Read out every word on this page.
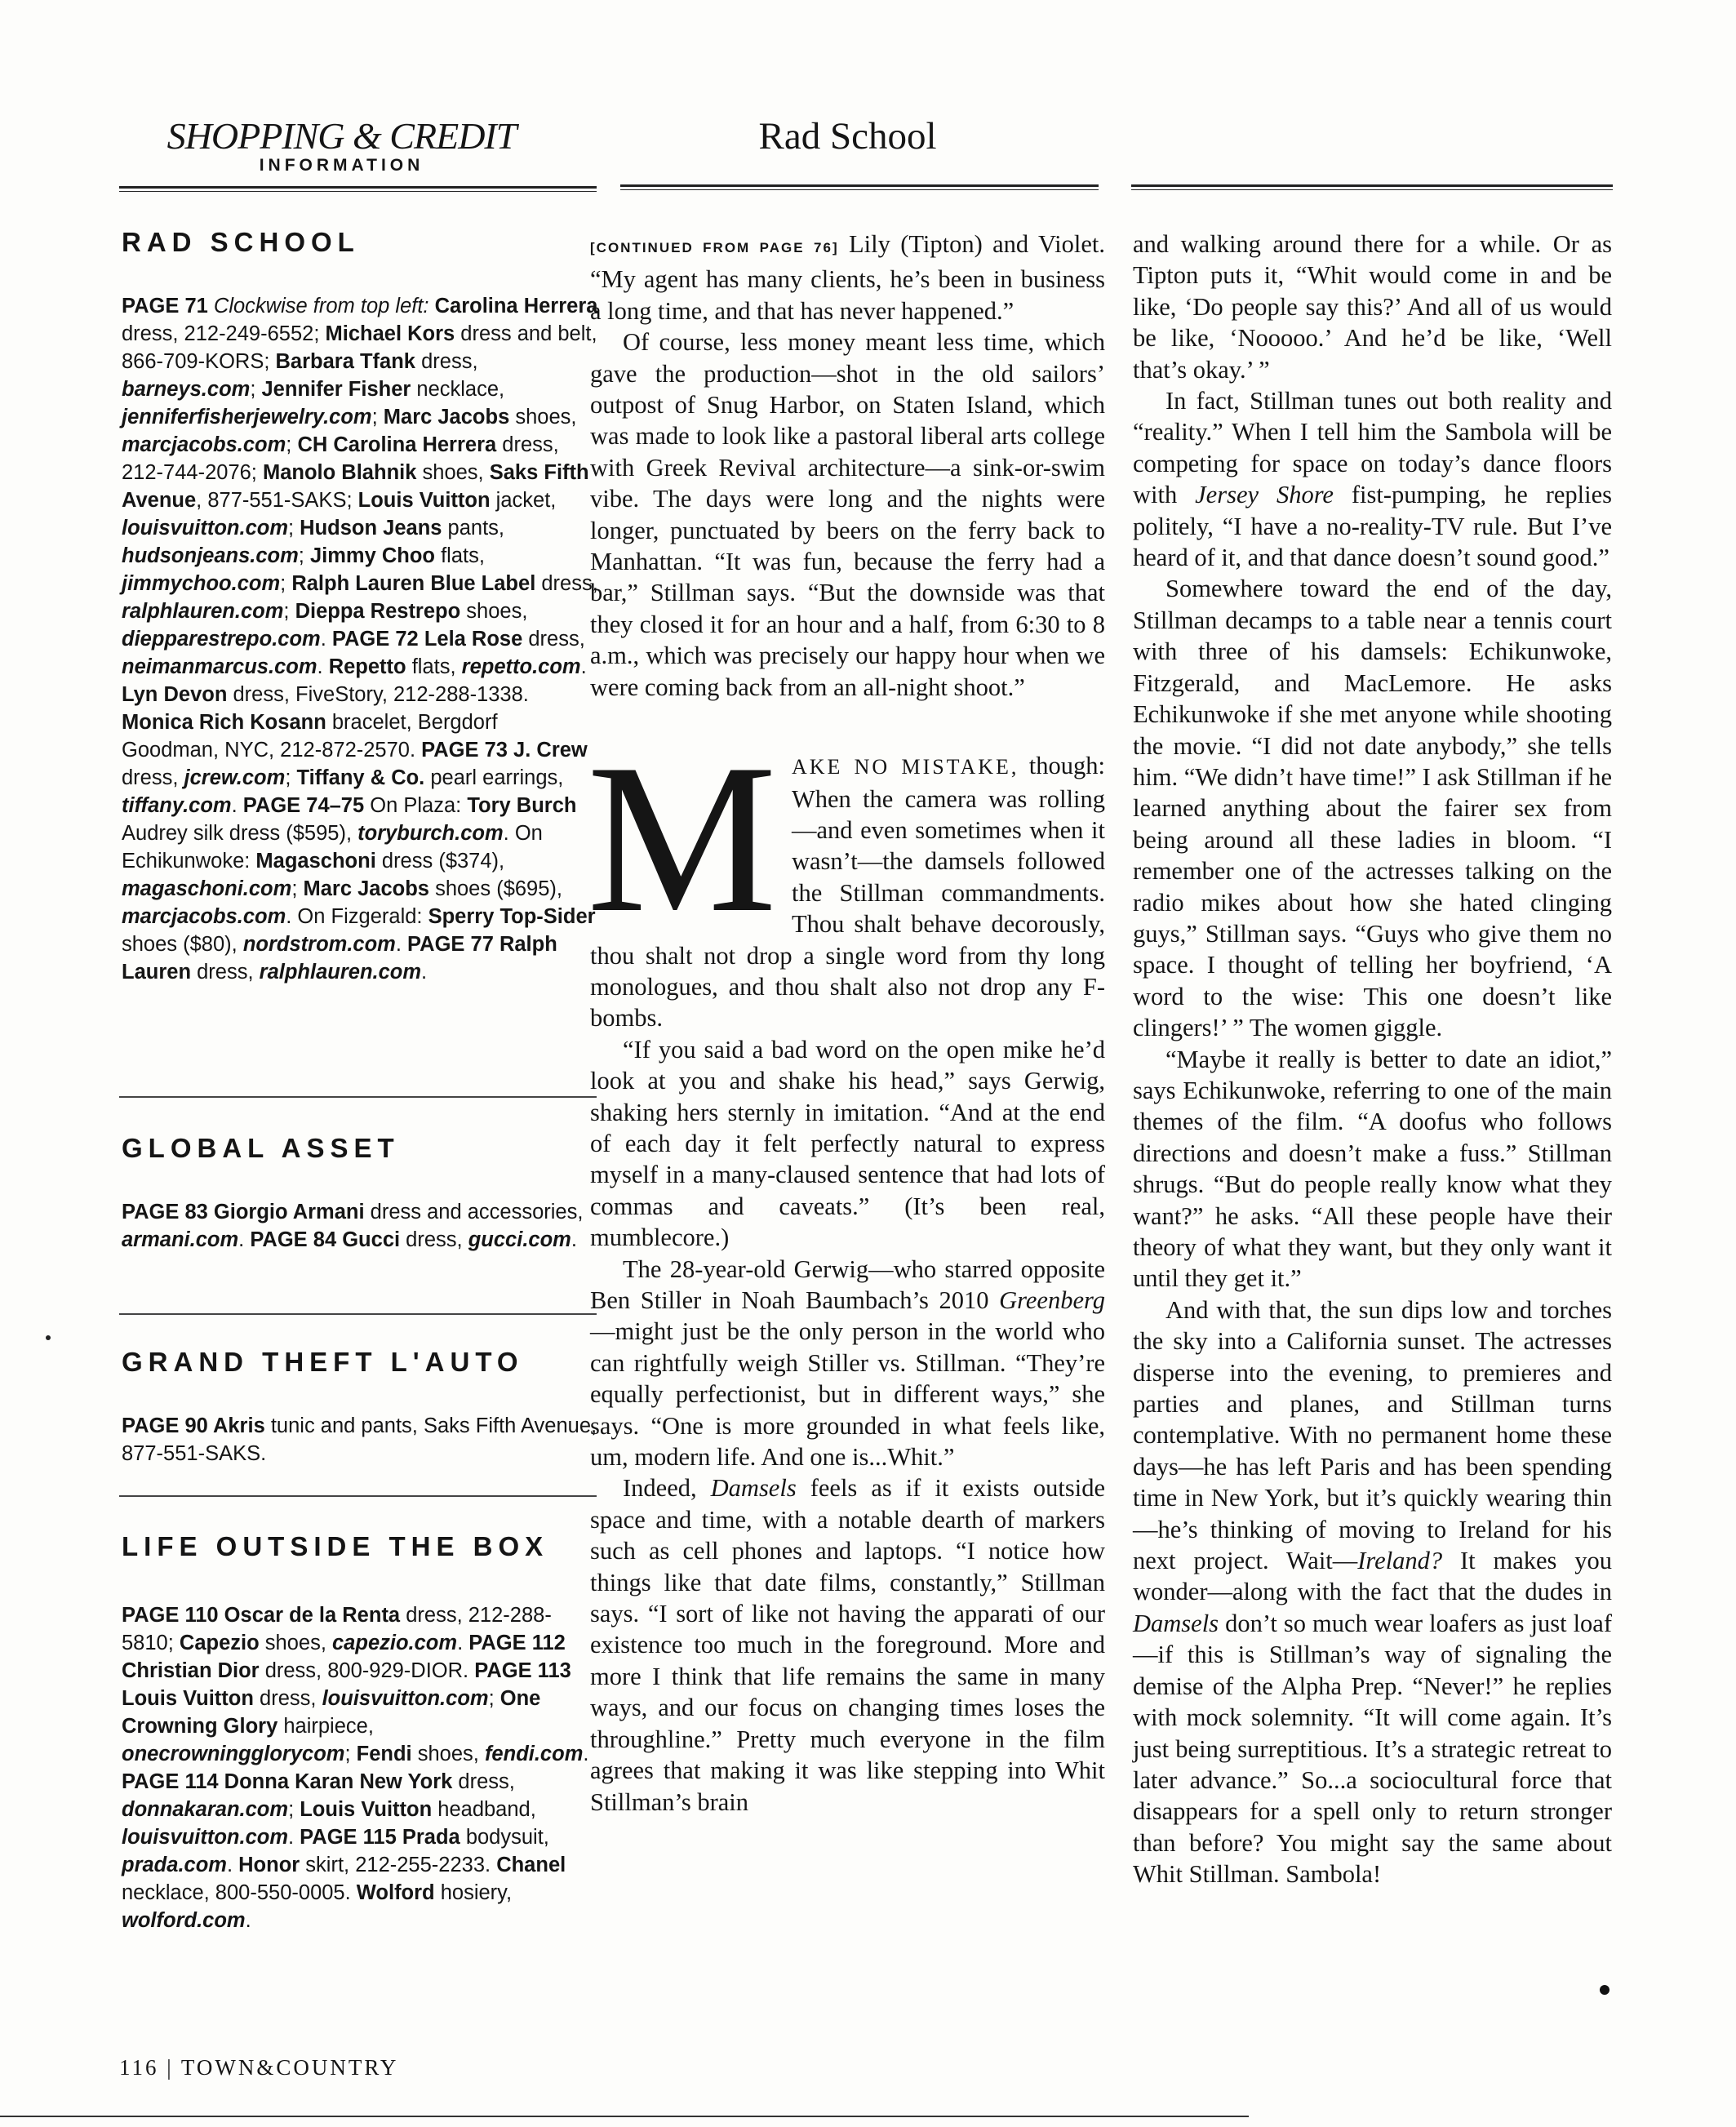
SHOPPING & CREDIT
INFORMATION
RAD SCHOOL
PAGE 71 Clockwise from top left: Carolina Herrera dress, 212-249-6552; Michael Kors dress and belt, 866-709-KORS; Barbara Tfank dress, barneys.com; Jennifer Fisher necklace, jenniferfisherjewelry.com; Marc Jacobs shoes, marcjacobs.com; CH Carolina Herrera dress, 212-744-2076; Manolo Blahnik shoes, Saks Fifth Avenue, 877-551-SAKS; Louis Vuitton jacket, louisvuitton.com; Hudson Jeans pants, hudsonjeans.com; Jimmy Choo flats, jimmychoo.com; Ralph Lauren Blue Label dress, ralphlauren.com; Dieppa Restrepo shoes, diepparestrepo.com. PAGE 72 Lela Rose dress, neimanmarcus.com. Repetto flats, repetto.com. Lyn Devon dress, FiveStory, 212-288-1338. Monica Rich Kosann bracelet, Bergdorf Goodman, NYC, 212-872-2570. PAGE 73 J. Crew dress, jcrew.com; Tiffany & Co. pearl earrings, tiffany.com. PAGE 74–75 On Plaza: Tory Burch Audrey silk dress ($595), toryburch.com. On Echikunwoke: Magaschoni dress ($374), magaschoni.com; Marc Jacobs shoes ($695), marcjacobs.com. On Fizgerald: Sperry Top-Sider shoes ($80), nordstrom.com. PAGE 77 Ralph Lauren dress, ralphlauren.com.
GLOBAL ASSET
PAGE 83 Giorgio Armani dress and accessories, armani.com. PAGE 84 Gucci dress, gucci.com.
GRAND THEFT L'AUTO
PAGE 90 Akris tunic and pants, Saks Fifth Avenue, 877-551-SAKS.
LIFE OUTSIDE THE BOX
PAGE 110 Oscar de la Renta dress, 212-288-5810; Capezio shoes, capezio.com. PAGE 112 Christian Dior dress, 800-929-DIOR. PAGE 113 Louis Vuitton dress, louisvuitton.com; One Crowning Glory hairpiece, onecrowningglorycom; Fendi shoes, fendi.com. PAGE 114 Donna Karan New York dress, donnakaran.com; Louis Vuitton headband, louisvuitton.com. PAGE 115 Prada bodysuit, prada.com. Honor skirt, 212-255-2233. Chanel necklace, 800-550-0005. Wolford hosiery, wolford.com.
Rad School

[CONTINUED FROM PAGE 76] Lily (Tipton) and Violet. “My agent has many clients, he’s been in business a long time, and that has never happened.”

Of course, less money meant less time, which gave the production—shot in the old sailors’ outpost of Snug Harbor, on Staten Island, which was made to look like a pastoral liberal arts college with Greek Revival architecture—a sink-or-swim vibe. The days were long and the nights were longer, punctuated by beers on the ferry back to Manhattan. “It was fun, because the ferry had a bar,” Stillman says. “But the downside was that they closed it for an hour and a half, from 6:30 to 8 a.m., which was precisely our happy hour when we were coming back from an all-night shoot.”

M AKE NO MISTAKE, though: When the camera was rolling—and even sometimes when it wasn’t—the damsels followed the Stillman commandments. Thou shalt behave decorously, thou shalt not drop a single word from thy long monologues, and thou shalt also not drop any F-bombs.

“If you said a bad word on the open mike he’d look at you and shake his head,” says Gerwig, shaking hers sternly in imitation. “And at the end of each day it felt perfectly natural to express myself in a many-claused sentence that had lots of commas and caveats.” (It’s been real, mumblecore.)

The 28-year-old Gerwig—who starred opposite Ben Stiller in Noah Baumbach’s 2010 Greenberg—might just be the only person in the world who can rightfully weigh Stiller vs. Stillman. “They’re equally perfectionist, but in different ways,” she says. “One is more grounded in what feels like, um, modern life. And one is...Whit.”

Indeed, Damsels feels as if it exists outside space and time, with a notable dearth of markers such as cell phones and laptops. “I notice how things like that date films, constantly,” Stillman says. “I sort of like not having the apparati of our existence too much in the foreground. More and more I think that life remains the same in many ways, and our focus on changing times loses the throughline.” Pretty much everyone in the film agrees that making it was like stepping into Whit Stillman’s brain

and walking around there for a while. Or as Tipton puts it, “Whit would come in and be like, ‘Do people say this?’ And all of us would be like, ‘Nooooo.’ And he’d be like, ‘Well that’s okay.’ ”

In fact, Stillman tunes out both reality and “reality.” When I tell him the Sambola will be competing for space on today’s dance floors with Jersey Shore fist-pumping, he replies politely, “I have a no-reality-TV rule. But I’ve heard of it, and that dance doesn’t sound good.”

Somewhere toward the end of the day, Stillman decamps to a table near a tennis court with three of his damsels: Echikunwoke, Fitzgerald, and MacLemore. He asks Echikunwoke if she met anyone while shooting the movie. “I did not date anybody,” she tells him. “We didn’t have time!” I ask Stillman if he learned anything about the fairer sex from being around all these ladies in bloom. “I remember one of the actresses talking on the radio mikes about how she hated clinging guys,” Stillman says. “Guys who give them no space. I thought of telling her boyfriend, ‘A word to the wise: This one doesn’t like clingers!’ ” The women giggle.

“Maybe it really is better to date an idiot,” says Echikunwoke, referring to one of the main themes of the film. “A doofus who follows directions and doesn’t make a fuss.” Stillman shrugs. “But do people really know what they want?” he asks. “All these people have their theory of what they want, but they only want it until they get it.”

And with that, the sun dips low and torches the sky into a California sunset. The actresses disperse into the evening, to premieres and parties and planes, and Stillman turns contemplative. With no permanent home these days—he has left Paris and has been spending time in New York, but it’s quickly wearing thin—he’s thinking of moving to Ireland for his next project. Wait—Ireland? It makes you wonder—along with the fact that the dudes in Damsels don’t so much wear loafers as just loaf—if this is Stillman’s way of signaling the demise of the Alpha Prep. “Never!” he replies with mock solemnity. “It will come again. It’s just being surreptitious. It’s a strategic retreat to later advance.” So...a sociocultural force that disappears for a spell only to return stronger than before? You might say the same about Whit Stillman. Sambola!

116 | TOWN&COUNTRY
